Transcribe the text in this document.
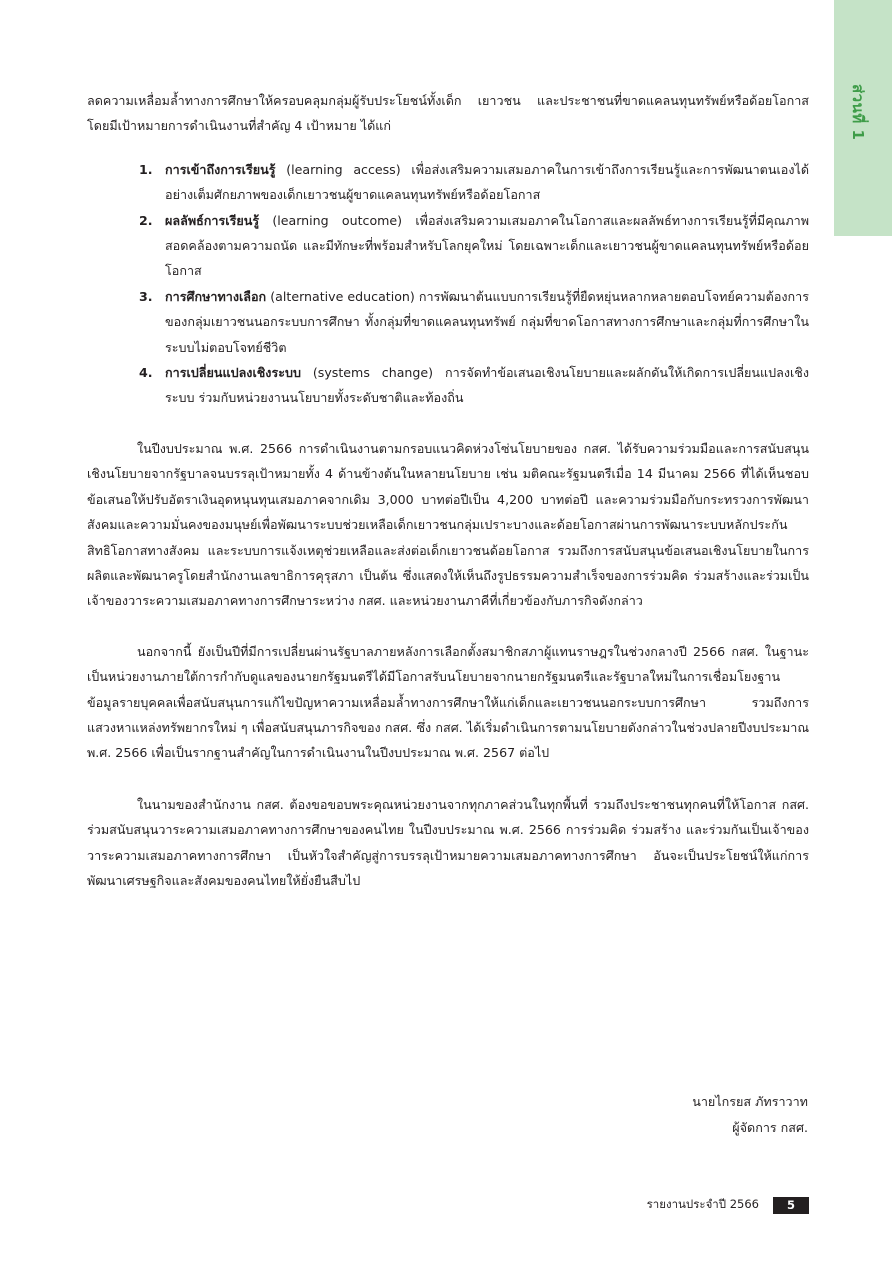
ส่วนที่ 1

ลดความเหลื่อมล้ำทางการศึกษาให้ครอบคลุมกลุ่มผู้รับประโยชน์ทั้งเด็ก เยาวชน และประชาชนที่ขาดแคลนทุนทรัพย์หรือด้อยโอกาส โดยมีเป้าหมายการดำเนินงานที่สำคัญ 4 เป้าหมาย ได้แก่

1. การเข้าถึงการเรียนรู้ (learning access) เพื่อส่งเสริมความเสมอภาคในการเข้าถึงการเรียนรู้และการพัฒนาตนเองได้อย่างเต็มศักยภาพของเด็กเยาวชนผู้ขาดแคลนทุนทรัพย์หรือด้อยโอกาส
2. ผลลัพธ์การเรียนรู้ (learning outcome) เพื่อส่งเสริมความเสมอภาคในโอกาสและผลลัพธ์ทางการเรียนรู้ที่มีคุณภาพ สอดคล้องตามความถนัด และมีทักษะที่พร้อมสำหรับโลกยุคใหม่ โดยเฉพาะเด็กและเยาวชนผู้ขาดแคลนทุนทรัพย์หรือด้อยโอกาส
3. การศึกษาทางเลือก (alternative education) การพัฒนาต้นแบบการเรียนรู้ที่ยืดหยุ่นหลากหลายตอบโจทย์ความต้องการของกลุ่มเยาวชนนอกระบบการศึกษา ทั้งกลุ่มที่ขาดแคลนทุนทรัพย์ กลุ่มที่ขาดโอกาสทางการศึกษาและกลุ่มที่การศึกษาในระบบไม่ตอบโจทย์ชีวิต
4. การเปลี่ยนแปลงเชิงระบบ (systems change) การจัดทำข้อเสนอเชิงนโยบายและผลักดันให้เกิดการเปลี่ยนแปลงเชิงระบบ ร่วมกับหน่วยงานนโยบายทั้งระดับชาติและท้องถิ่น

ในปีงบประมาณ พ.ศ. 2566 การดำเนินงานตามกรอบแนวคิดห่วงโซ่นโยบายของ กสศ. ได้รับความร่วมมือและการสนับสนุนเชิงนโยบายจากรัฐบาลจนบรรลุเป้าหมายทั้ง 4 ด้านข้างต้นในหลายนโยบาย เช่น มติคณะรัฐมนตรีเมื่อ 14 มีนาคม 2566 ที่ได้เห็นชอบข้อเสนอให้ปรับอัตราเงินอุดหนุนทุนเสมอภาคจากเดิม 3,000 บาทต่อปีเป็น 4,200 บาทต่อปี และความร่วมมือกับกระทรวงการพัฒนาสังคมและความมั่นคงของมนุษย์เพื่อพัฒนาระบบช่วยเหลือเด็กเยาวชนกลุ่มเปราะบางและด้อยโอกาสผ่านการพัฒนาระบบหลักประกันสิทธิโอกาสทางสังคม และระบบการแจ้งเหตุช่วยเหลือและส่งต่อเด็กเยาวชนด้อยโอกาส รวมถึงการสนับสนุนข้อเสนอเชิงนโยบายในการผลิตและพัฒนาครูโดยสำนักงานเลขาธิการคุรุสภา เป็นต้น ซึ่งแสดงให้เห็นถึงรูปธรรมความสำเร็จของการร่วมคิด ร่วมสร้างและร่วมเป็นเจ้าของวาระความเสมอภาคทางการศึกษาระหว่าง กสศ. และหน่วยงานภาคีที่เกี่ยวข้องกับภารกิจดังกล่าว

นอกจากนี้ ยังเป็นปีที่มีการเปลี่ยนผ่านรัฐบาลภายหลังการเลือกตั้งสมาชิกสภาผู้แทนราษฎรในช่วงกลางปี 2566 กสศ. ในฐานะเป็นหน่วยงานภายใต้การกำกับดูแลของนายกรัฐมนตรีได้มีโอกาสรับนโยบายจากนายกรัฐมนตรีและรัฐบาลใหม่ในการเชื่อมโยงฐานข้อมูลรายบุคคลเพื่อสนับสนุนการแก้ไขปัญหาความเหลื่อมล้ำทางการศึกษาให้แก่เด็กและเยาวชนนอกระบบการศึกษา รวมถึงการแสวงหาแหล่งทรัพยากรใหม่ ๆ เพื่อสนับสนุนภารกิจของ กสศ. ซึ่ง กสศ. ได้เริ่มดำเนินการตามนโยบายดังกล่าวในช่วงปลายปีงบประมาณ พ.ศ. 2566 เพื่อเป็นรากฐานสำคัญในการดำเนินงานในปีงบประมาณ พ.ศ. 2567 ต่อไป

ในนามของสำนักงาน กสศ. ต้องขอขอบพระคุณหน่วยงานจากทุกภาคส่วนในทุกพื้นที่ รวมถึงประชาชนทุกคนที่ให้โอกาส กสศ. ร่วมสนับสนุนวาระความเสมอภาคทางการศึกษาของคนไทย ในปีงบประมาณ พ.ศ. 2566 การร่วมคิด ร่วมสร้าง และร่วมกันเป็นเจ้าของวาระความเสมอภาคทางการศึกษา เป็นหัวใจสำคัญสู่การบรรลุเป้าหมายความเสมอภาคทางการศึกษา อันจะเป็นประโยชน์ให้แก่การพัฒนาเศรษฐกิจและสังคมของคนไทยให้ยั่งยืนสืบไป

นายไกรยส ภัทราวาท
ผู้จัดการ กสศ.
รายงานประจำปี 2566	5
